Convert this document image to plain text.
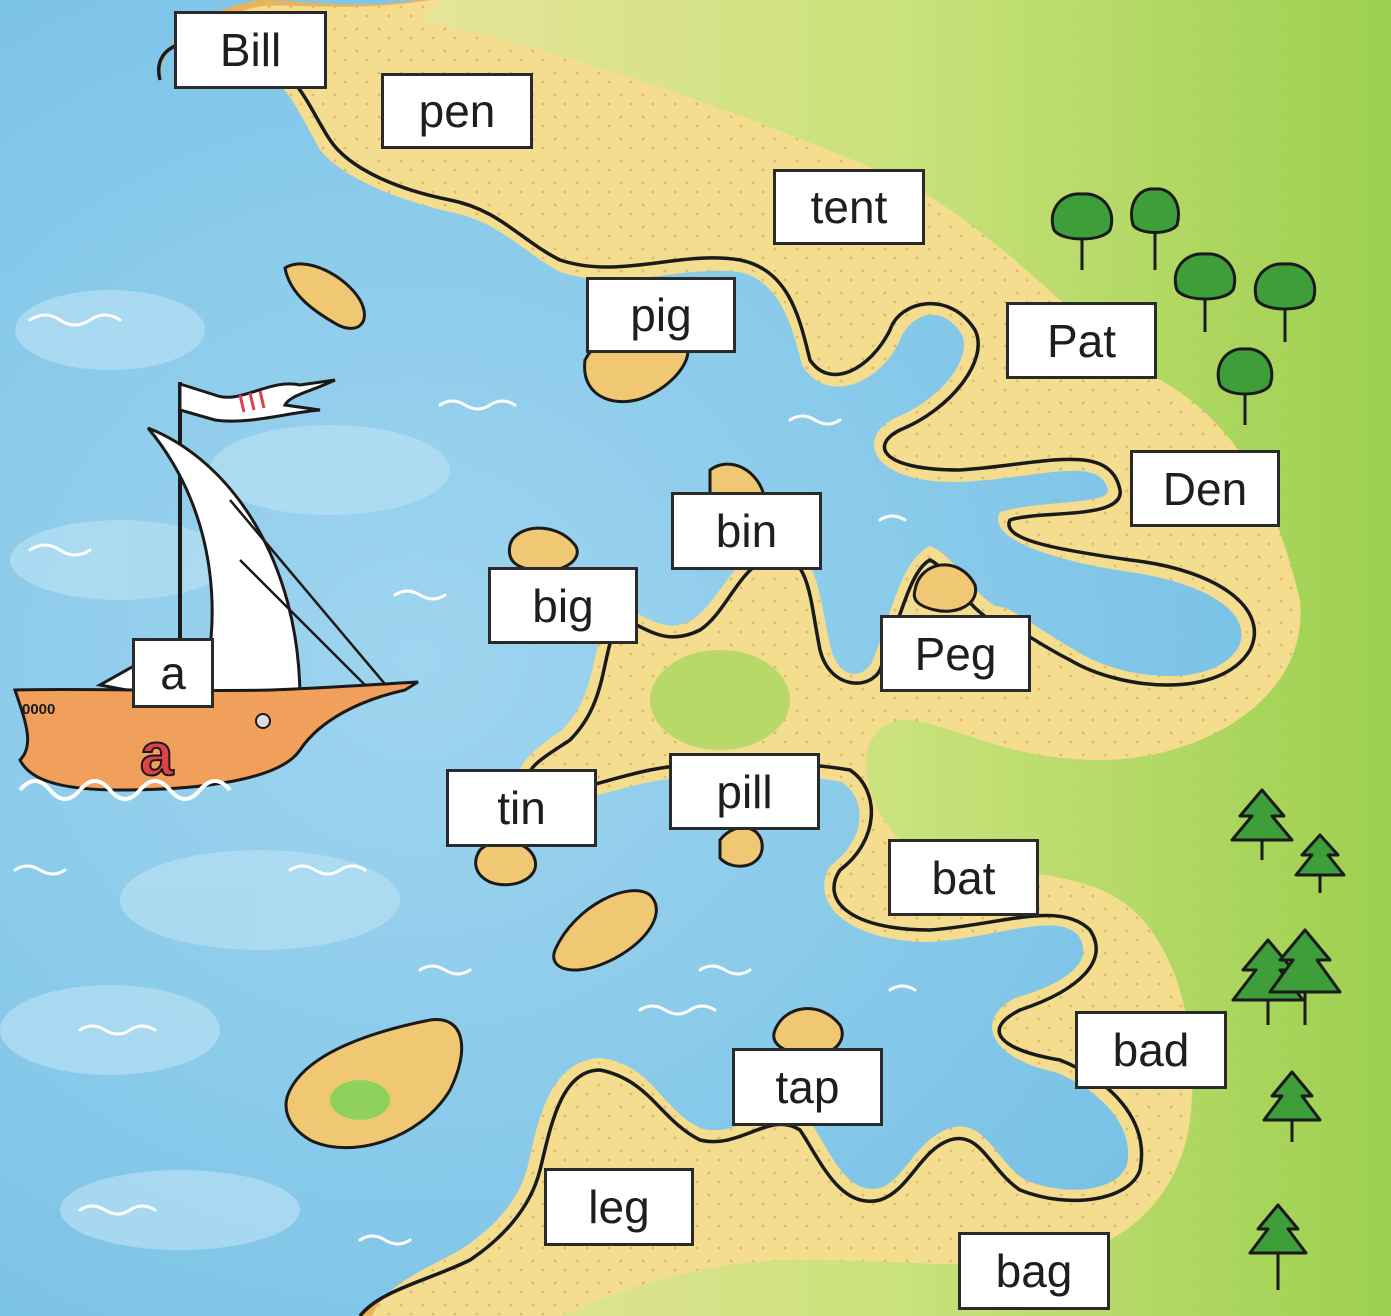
0000
a
Bill
pen
tent
pig	Pat
Den
bin
big
Peg
a
tin	pill
bat
bad
tap
leg
bag
